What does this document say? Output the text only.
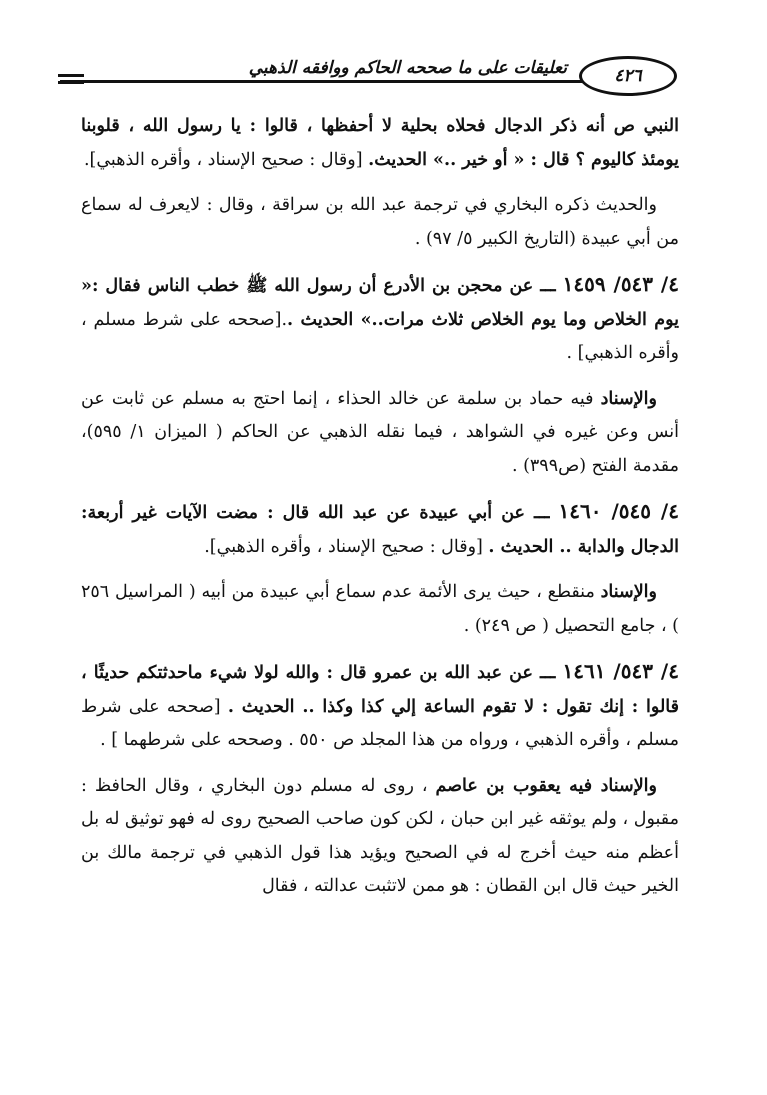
تعليقات على ما صححه الحاكم ووافقه الذهبي	٤٢٦

النبي ص أنه ذكر الدجال فحلاه بحلية لا أحفظها ، قالوا : يا رسول الله ، قلوبنا يومئذ كاليوم ؟ قال : « أو خير ..» الحديث. [وقال : صحيح الإسناد ، وأقره الذهبي].

والحديث ذكره البخاري في ترجمة عبد الله بن سراقة ، وقال : لايعرف له سماع من أبي عبيدة (التاريخ الكبير ٥/ ٩٧) .

٤/ ٥٤٣/ ١٤٥٩ ـــ عن محجن بن الأدرع أن رسول الله ﷺ خطب الناس فقال :« يوم الخلاص وما يوم الخلاص ثلاث مرات..» الحديث ..[صححه على شرط مسلم ، وأقره الذهبي] .

والإسناد فيه حماد بن سلمة عن خالد الحذاء ، إنما احتج به مسلم عن ثابت عن أنس وعن غيره في الشواهد ، فيما نقله الذهبي عن الحاكم ( الميزان ١/ ٥٩٥)، مقدمة الفتح (ص٣٩٩) .

٤/ ٥٤٥/ ١٤٦٠ ـــ عن أبي عبيدة عن عبد الله قال : مضت الآيات غير أربعة: الدجال والدابة .. الحديث . [وقال : صحيح الإسناد ، وأقره الذهبي].

والإسناد منقطع ، حيث يرى الأئمة عدم سماع أبي عبيدة من أبيه ( المراسيل ٢٥٦ ) ، جامع التحصيل ( ص ٢٤٩) .

٤/ ٥٤٣/ ١٤٦١ ـــ عن عبد الله بن عمرو قال : والله لولا شيء ماحدثتكم حديثًا ، قالوا : إنك تقول : لا تقوم الساعة إلي كذا وكذا .. الحديث . [صححه على شرط مسلم ، وأقره الذهبي ، ورواه من هذا المجلد ص ٥٥٠ . وصححه على شرطهما ] .

والإسناد فيه يعقوب بن عاصم ، روى له مسلم دون البخاري ، وقال الحافظ : مقبول ، ولم يوثقه غير ابن حبان ، لكن كون صاحب الصحيح روى له فهو توثيق له بل أعظم منه حيث أخرج له في الصحيح ويؤيد هذا قول الذهبي في ترجمة مالك بن الخير حيث قال ابن القطان : هو ممن لاتثبت عدالته ، فقال
